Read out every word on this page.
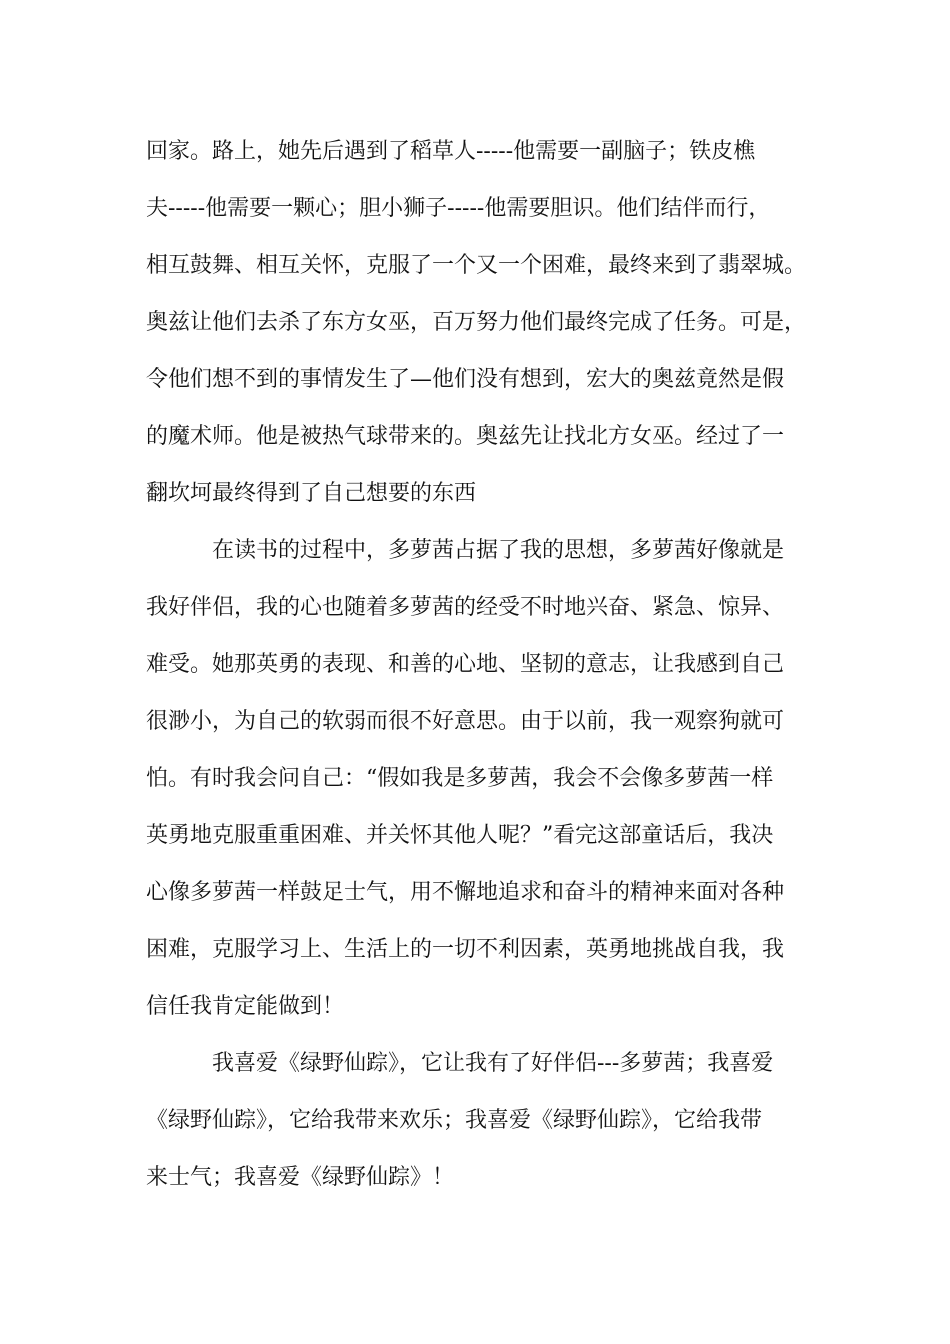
回家。路上，她先后遇到了稻草人-----他需要一副脑子；铁皮樵
夫-----他需要一颗心；胆小狮子-----他需要胆识。他们结伴而行，
相互鼓舞、相互关怀，克服了一个又一个困难，最终来到了翡翠城。
奥兹让他们去杀了东方女巫，百万努力他们最终完成了任务。可是，
令他们想不到的事情发生了—他们没有想到，宏大的奥兹竟然是假
的魔术师。他是被热气球带来的。奥兹先让找北方女巫。经过了一
翻坎坷最终得到了自己想要的东西
在读书的过程中，多萝茜占据了我的思想，多萝茜好像就是
我好伴侣，我的心也随着多萝茜的经受不时地兴奋、紧急、惊异、
难受。她那英勇的表现、和善的心地、坚韧的意志，让我感到自己
很渺小，为自己的软弱而很不好意思。由于以前，我一观察狗就可
怕。有时我会问自己：“假如我是多萝茜，我会不会像多萝茜一样
英勇地克服重重困难、并关怀其他人呢？”看完这部童话后，我决
心像多萝茜一样鼓足士气，用不懈地追求和奋斗的精神来面对各种
困难，克服学习上、生活上的一切不利因素，英勇地挑战自我，我
信任我肯定能做到！
我喜爱《绿野仙踪》，它让我有了好伴侣---多萝茜；我喜爱
《绿野仙踪》，它给我带来欢乐；我喜爱《绿野仙踪》，它给我带
来士气；我喜爱《绿野仙踪》！
